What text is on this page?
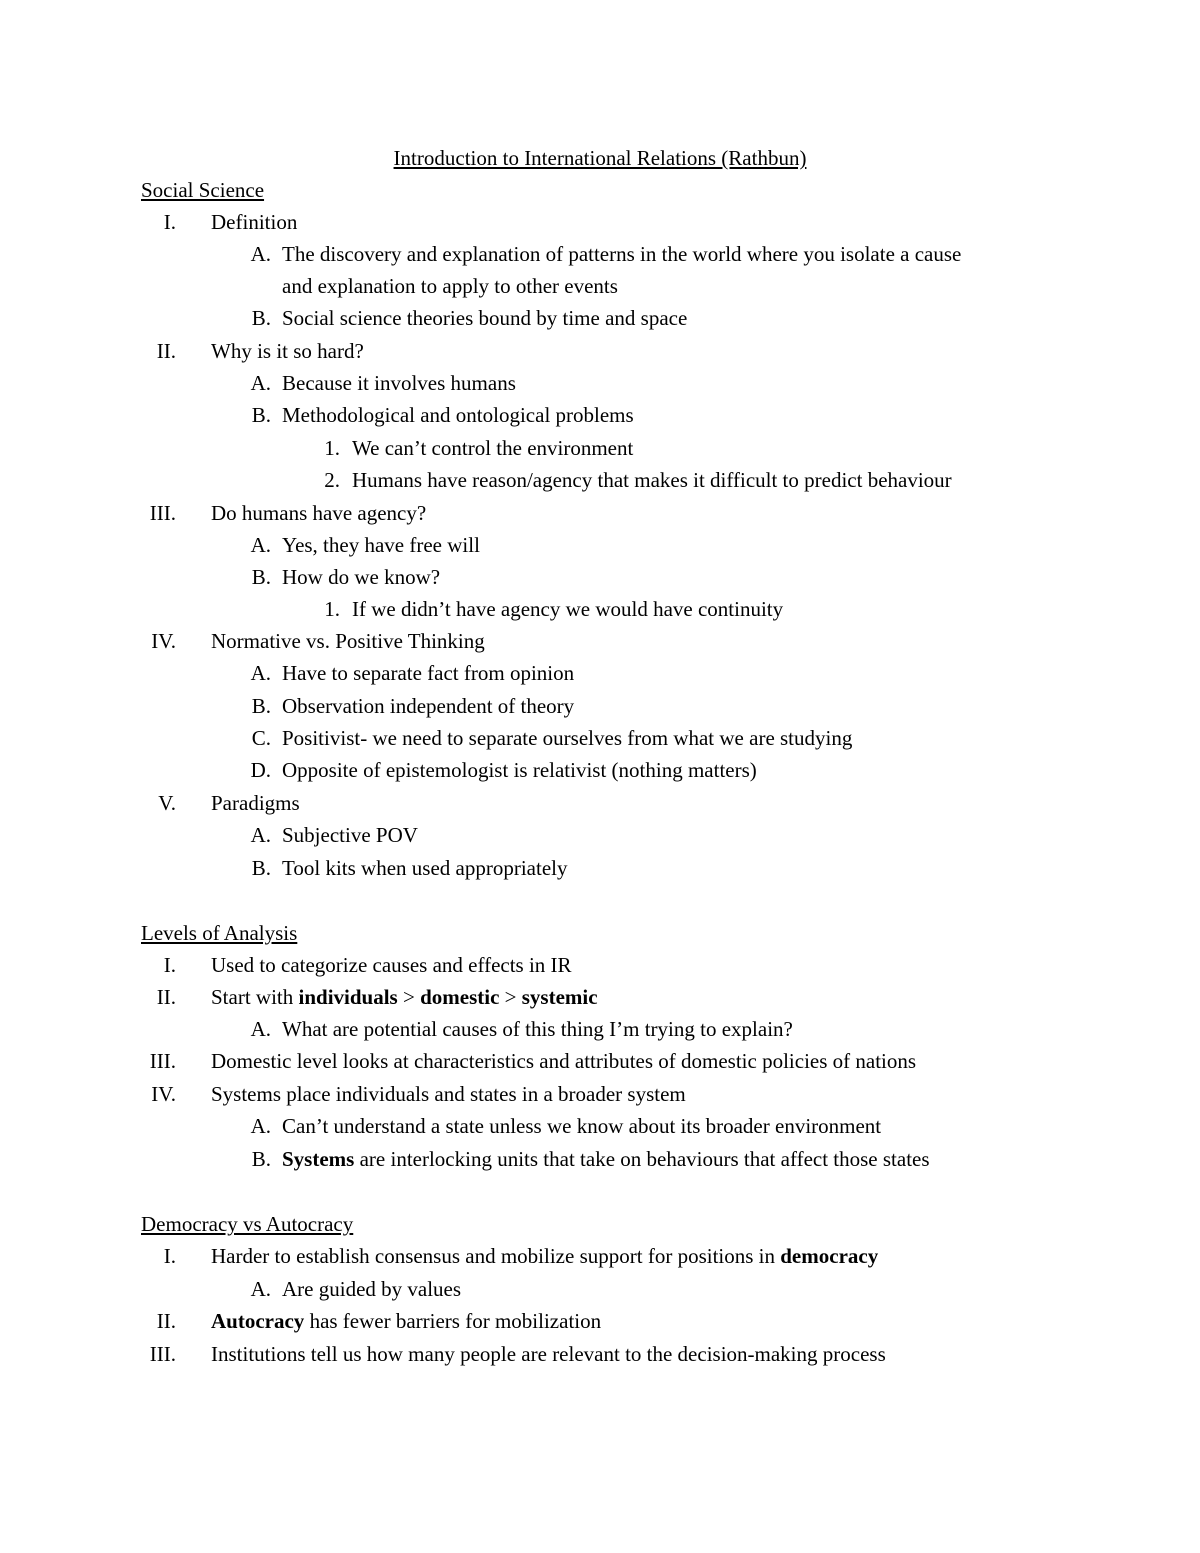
Introduction to International Relations (Rathbun)
Social Science
I. Definition
A. The discovery and explanation of patterns in the world where you isolate a cause
and explanation to apply to other events
B. Social science theories bound by time and space
II. Why is it so hard?
A. Because it involves humans
B. Methodological and ontological problems
1. We can’t control the environment
2. Humans have reason/agency that makes it difficult to predict behaviour
III. Do humans have agency?
A. Yes, they have free will
B. How do we know?
1. If we didn’t have agency we would have continuity
IV. Normative vs. Positive Thinking
A. Have to separate fact from opinion
B. Observation independent of theory
C. Positivist- we need to separate ourselves from what we are studying
D. Opposite of epistemologist is relativist (nothing matters)
V. Paradigms
A. Subjective POV
B. Tool kits when used appropriately
Levels of Analysis
I. Used to categorize causes and effects in IR
II. Start with individuals > domestic > systemic
A. What are potential causes of this thing I’m trying to explain?
III. Domestic level looks at characteristics and attributes of domestic policies of nations
IV. Systems place individuals and states in a broader system
A. Can’t understand a state unless we know about its broader environment
B. Systems are interlocking units that take on behaviours that affect those states
Democracy vs Autocracy
I. Harder to establish consensus and mobilize support for positions in democracy
A. Are guided by values
II. Autocracy has fewer barriers for mobilization
III. Institutions tell us how many people are relevant to the decision-making process
